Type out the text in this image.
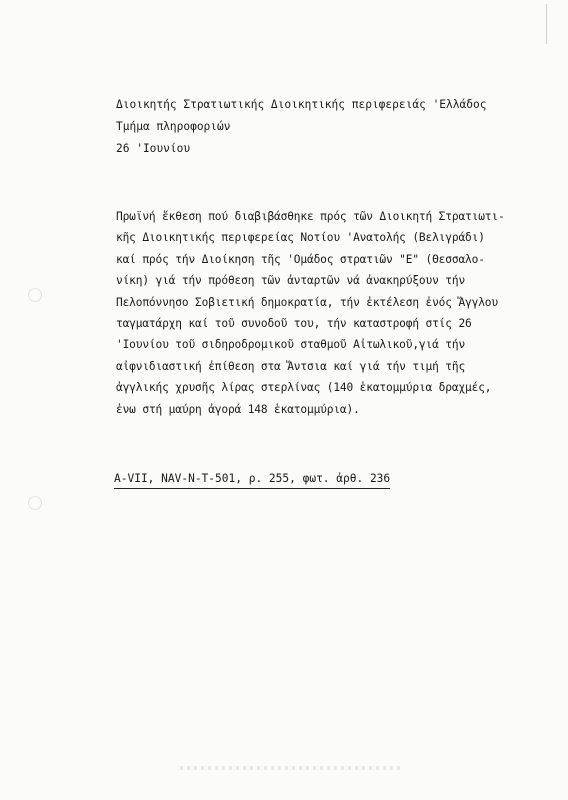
Διοικητής Στρατιωτικής Διοικητικής περιφερειάς 'Ελλάδος
Τμήμα πληροφοριών
26 'Ιουνίου
Πρωϊνή ἔκθεση πού διαβιβάσθηκε πρός τῶν Διοικητή Στρατιωτι-
κῆς Διοικητικής περιφερείας Νοτίου 'Ανατολής (Βελιγράδι)
καί πρός τήν Διοίκηση τῆς 'Ομάδος στρατιῶν "Ε" (Θεσσαλο-
νίκη) γιά τήν πρόθεση τῶν ἀνταρτῶν νά ἀνακηρύξουν τήν
Πελοπόννησο Σοβιετική δημοκρατία, τήν ἐκτέλεση ἐνός Ἄγγλου
ταγματάρχη καί τοῦ συνοδοῦ του, τήν καταστροφή στίς 26
'Ιουνίου τοῦ σιδηροδρομικοῦ σταθμοῦ Αἰτωλικοῦ,γιά τήν
αἰφνιδιαστική ἐπίθεση στα Ἄντσια καί γιά τήν τιμή τῆς
ἀγγλικής χρυσῆς λίρας στερλίνας (140 ἑκατομμύρια δραχμές,
ἐνω στή μαύρη ἀγορά 148 ἑκατομμύρια).
A-VII, NAV-N-T-501, ρ. 255, φωτ. ἀρθ. 236
